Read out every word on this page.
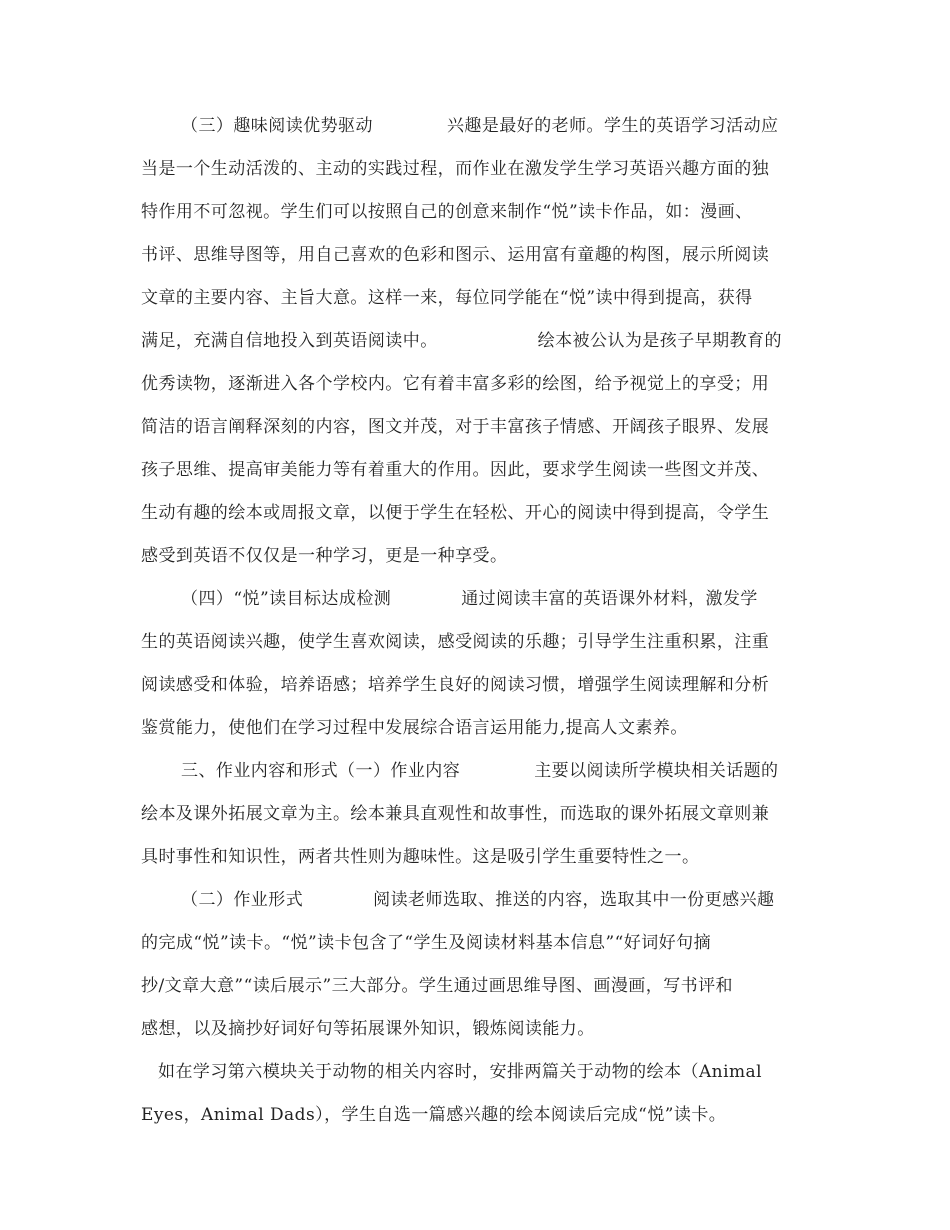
（三）趣味阅读优势驱动	兴趣是最好的老师。学生的英语学习活动应
当是一个生动活泼的、主动的实践过程，而作业在激发学生学习英语兴趣方面的独
特作用不可忽视。学生们可以按照自己的创意来制作“悦”读卡作品，如：漫画、
书评、思维导图等，用自己喜欢的色彩和图示、运用富有童趣的构图，展示所阅读
文章的主要内容、主旨大意。这样一来，每位同学能在“悦”读中得到提高，获得
满足，充满自信地投入到英语阅读中。	绘本被公认为是孩子早期教育的
优秀读物，逐渐进入各个学校内。它有着丰富多彩的绘图，给予视觉上的享受；用
简洁的语言阐释深刻的内容，图文并茂，对于丰富孩子情感、开阔孩子眼界、发展
孩子思维、提高审美能力等有着重大的作用。因此，要求学生阅读一些图文并茂、
生动有趣的绘本或周报文章，以便于学生在轻松、开心的阅读中得到提高，令学生
感受到英语不仅仅是一种学习，更是一种享受。
（四）“悦”读目标达成检测	通过阅读丰富的英语课外材料，激发学
生的英语阅读兴趣，使学生喜欢阅读，感受阅读的乐趣；引导学生注重积累，注重
阅读感受和体验，培养语感；培养学生良好的阅读习惯，增强学生阅读理解和分析
鉴赏能力，使他们在学习过程中发展综合语言运用能力,提高人文素养。
三、作业内容和形式（一）作业内容	主要以阅读所学模块相关话题的
绘本及课外拓展文章为主。绘本兼具直观性和故事性，而选取的课外拓展文章则兼
具时事性和知识性，两者共性则为趣味性。这是吸引学生重要特性之一。
（二）作业形式	阅读老师选取、推送的内容，选取其中一份更感兴趣
的完成“悦”读卡。“悦”读卡包含了“学生及阅读材料基本信息”“好词好句摘
抄/文章大意”“读后展示”三大部分。学生通过画思维导图、画漫画，写书评和
感想，以及摘抄好词好句等拓展课外知识，锻炼阅读能力。
如在学习第六模块关于动物的相关内容时，安排两篇关于动物的绘本（Animal
Eyes，Animal Dads），学生自选一篇感兴趣的绘本阅读后完成“悦”读卡。
